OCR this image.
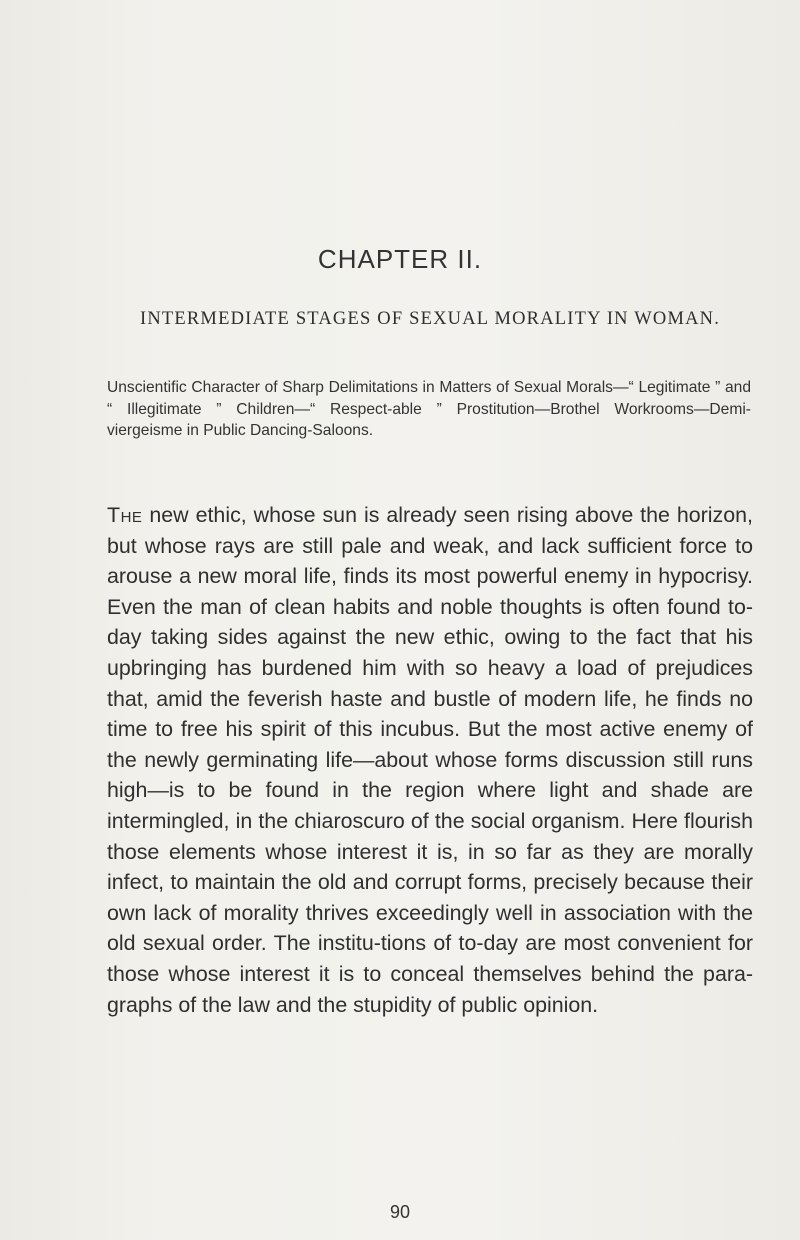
CHAPTER II.
INTERMEDIATE STAGES OF SEXUAL MORALITY IN WOMAN.
Unscientific Character of Sharp Delimitations in Matters of Sexual Morals—“ Legitimate ” and “ Illegitimate ” Children—“ Respect-able ” Prostitution—Brothel Workrooms—Demi-viergeisme in Public Dancing-Saloons.

The new ethic, whose sun is already seen rising above the horizon, but whose rays are still pale and weak, and lack sufficient force to arouse a new moral life, finds its most powerful enemy in hypocrisy. Even the man of clean habits and noble thoughts is often found to-day taking sides against the new ethic, owing to the fact that his upbringing has burdened him with so heavy a load of prejudices that, amid the feverish haste and bustle of modern life, he finds no time to free his spirit of this incubus. But the most active enemy of the newly germinating life—about whose forms discussion still runs high—is to be found in the region where light and shade are intermingled, in the chiaroscuro of the social organism. Here flourish those elements whose interest it is, in so far as they are morally infect, to maintain the old and corrupt forms, precisely because their own lack of morality thrives exceedingly well in association with the old sexual order. The institu-tions of to-day are most convenient for those whose interest it is to conceal themselves behind the para-graphs of the law and the stupidity of public opinion.

90
